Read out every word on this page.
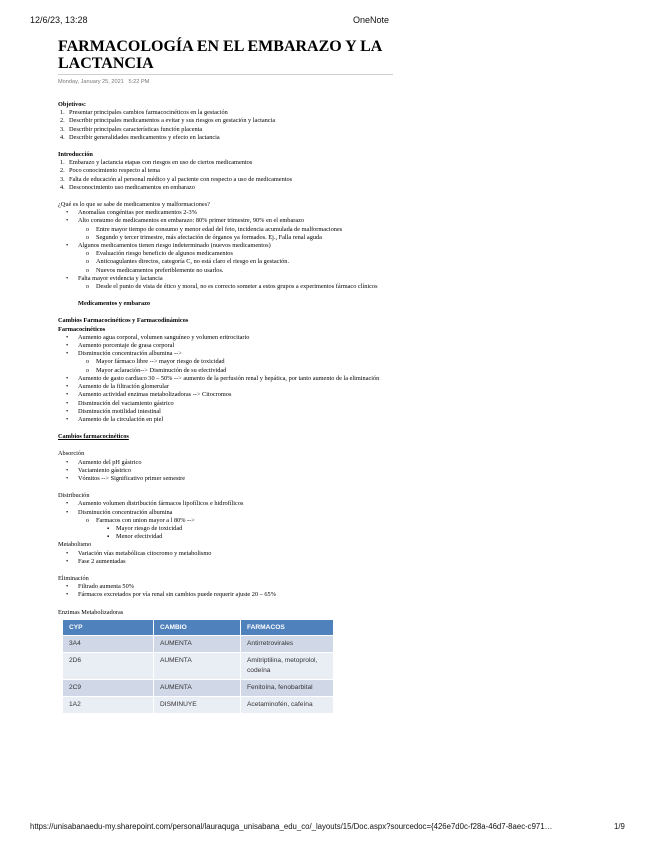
12/6/23, 13:28	OneNote
FARMACOLOGÍA EN EL EMBARAZO Y LA LACTANCIA
Monday, January 25, 2021 5:22 PM
Objetivos:
1. Presentar principales cambios farmacocinéticos en la gestación
2. Describir principales medicamentos a evitar y sus riesgos en gestación y lactancia
3. Describir principales características función placenta
4. Describir generalidades medicamentos y efecto en lactancia
Introducción
1. Embarazo y lactancia etapas con riesgos en uso de ciertos medicamentos
2. Poco conocimiento respecto al tema
3. Falta de educación al personal médico y al paciente con respecto a uso de medicamentos
4. Desconocimiento uso medicamentos en embarazo
¿Qué es lo que se sabe de medicamentos y malformaciones?
• Anomalías congénitas por medicamentos 2-3%
• Alto consumo de medicamentos en embarazo: 80% primer trimestre, 90% en el embarazo
o Entre mayor tiempo de consumo y menor edad del feto, incidencia acumulada de malformaciones
o Segundo y tercer trimestre, más afectación de órganos ya formados. Ej., Falla renal aguda
• Algunos medicamentos tienen riesgo indeterminado (nuevos medicamentos)
o Evaluación riesgo beneficio de algunos medicamentos
o Anticoagulantes directos, categoría C, no está claro el riesgo en la gestación.
o Nuevos medicamentos preferiblemente no usarlos.
• Falta mayor evidencia y lactancia
o Desde el punto de vista de ético y moral, no es correcto someter a estos grupos a experimentos fármaco clínicos
Medicamentos y embarazo
Cambios Farmacocinéticos y Farmacodinámicos
Farmacocinéticos
• Aumento agua corporal, volumen sanguíneo y volumen eritrocitario
• Aumento porcentaje de grasa corporal
• Disminución concentración albumina -->
o Mayor fármaco libre --> mayor riesgo de toxicidad
o Mayor aclaración--> Disminución de su efectividad
• Aumento de gasto cardiaco 30 – 50% --> aumento de la perfusión renal y hepática, por tanto aumento de la eliminación
• Aumento de la filtración glomerular
• Aumento actividad enzimas metabolizadoras --> Citocromos
• Disminución del vaciamiento gástrico
• Disminución motilidad intestinal
• Aumento de la circulación en piel
Cambios farmacocinéticos
Absorción
• Aumento del pH gástrico
• Vaciamiento gástrico
• Vómitos --> Significativo primer semestre
Distribución
• Aumento volumen distribución fármacos lipofílicos e hidrofílicos
• Disminución concentración albumina
o Farmacos con union mayor a l 80% -->
▪ Mayor riesgo de toxicidad
▪ Menor efectividad
Metabolismo
• Variación vías metabólicas citocromo y metabolismo
• Fase 2 aumentadas
Eliminación
• Filtrado aumenta 50%
• Fármacos excretados por vía renal sin cambios puede requerir ajuste 20 – 65%
Enzimas Metabolizadoras
CYP	CAMBIO	FARMACOS
3A4	AUMENTA	Antirretrovirales
2D6	AUMENTA	Amitriptilina, metoprolol, codeína
2C9	AUMENTA	Fenitoína, fenobarbital
1A2	DISMINUYE	Acetaminofén, cafeína
https://unisabanaedu-my.sharepoint.com/personal/lauraquga_unisabana_edu_co/_layouts/15/Doc.aspx?sourcedoc={426e7d0c-f28a-46d7-8aec-c971…	1/9
